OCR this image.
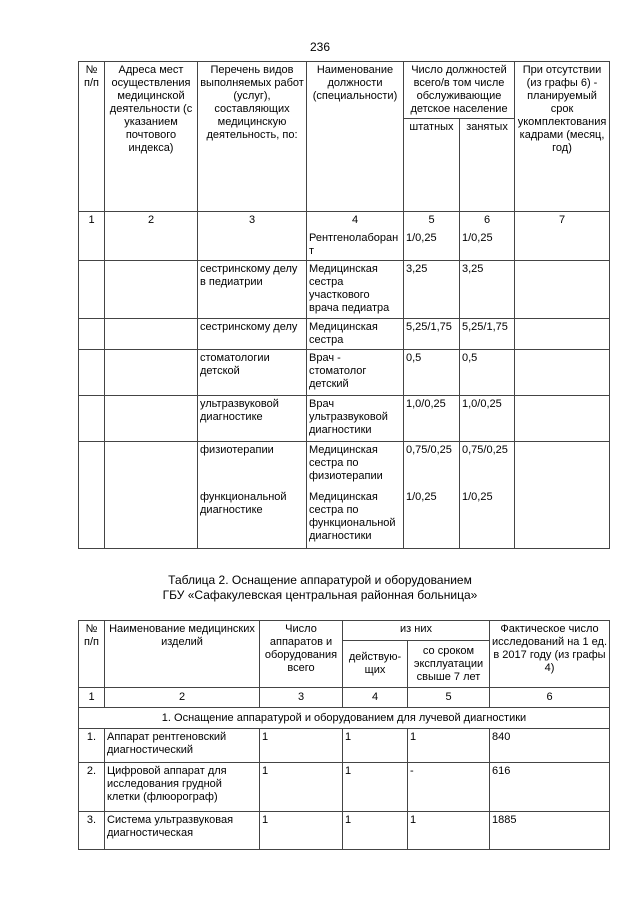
236
№ п/п	Адреса мест осуществления медицинской деятельности (с указанием почтового индекса)	Перечень видов выполняемых работ (услуг), составляющих медицинскую деятельность, по:	Наименование должности (специальности)	Число должностей всего/в том числе обслуживающие детское население		При отсутствии (из графы 6) - планируемый срок укомплектования кадрами (месяц, год)
				штатных	занятых	
1	2	3	4	5	6	7
			Рентгенолаборант	1/0,25	1/0,25	
		сестринскому делу в педиатрии	Медицинская сестра участкового врача педиатра	3,25	3,25	
		сестринскому делу	Медицинская сестра	5,25/1,75	5,25/1,75	
		стоматологии детской	Врач - стоматолог детский	0,5	0,5	
		ультразвуковой диагностике	Врач ультразвуковой диагностики	1,0/0,25	1,0/0,25	
		физиотерапии	Медицинская сестра по физиотерапии	0,75/0,25	0,75/0,25	
		функциональной диагностике	Медицинская сестра по функциональной диагностики	1/0,25	1/0,25	
Таблица 2. Оснащение аппаратурой и оборудованием
ГБУ «Сафакулевская центральная районная больница»
№ п/п	Наименование медицинских изделий	Число аппаратов и оборудования всего	из них		Фактическое число исследований на 1 ед. в 2017 году (из графы 4)
			действую-щих	со сроком эксплуатации свыше 7 лет	
1	2	3	4	5	6
1. Оснащение аппаратурой и оборудованием для лучевой диагностики					
1.	Аппарат рентгеновский диагностический	1	1	1	840
2.	Цифровой аппарат для исследования грудной клетки (флюорограф)	1	1	-	616
3.	Система ультразвуковая диагностическая	1	1	1	1885
